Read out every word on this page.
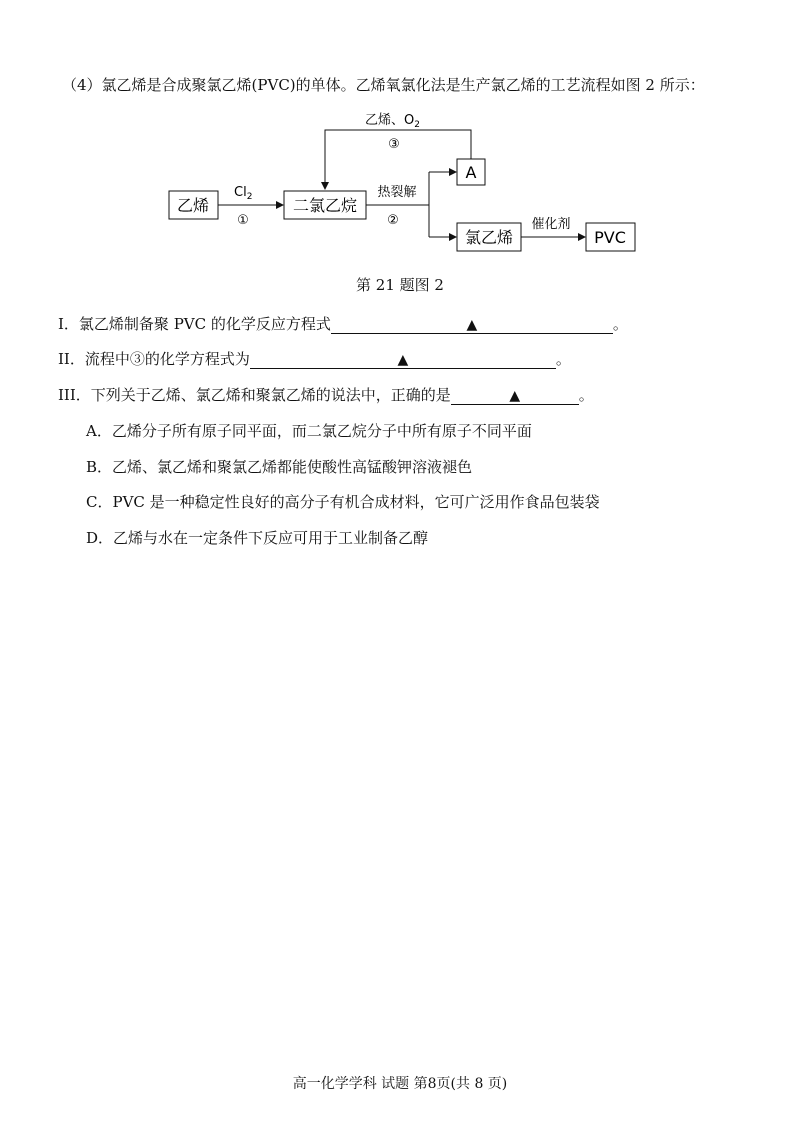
（4）氯乙烯是合成聚氯乙烯(PVC)的单体。乙烯氧氯化法是生产氯乙烯的工艺流程如图 2 所示：
乙烯
$Cl_2$
①
二氯乙烷
热裂解
②
A
乙烯、$O_2$
③
氯乙烯
催化剂
PVC
第 21 题图 2
I．氯乙烯制备聚 PVC 的化学反应方程式	▲	。
II．流程中③的化学方程式为	▲	。
III．下列关于乙烯、氯乙烯和聚氯乙烯的说法中，正确的是	▲	。
A．乙烯分子所有原子同平面，而二氯乙烷分子中所有原子不同平面
B．乙烯、氯乙烯和聚氯乙烯都能使酸性高锰酸钾溶液褪色
C．PVC 是一种稳定性良好的高分子有机合成材料，它可广泛用作食品包装袋
D．乙烯与水在一定条件下反应可用于工业制备乙醇
高一化学学科 试题 第8页(共 8 页)
